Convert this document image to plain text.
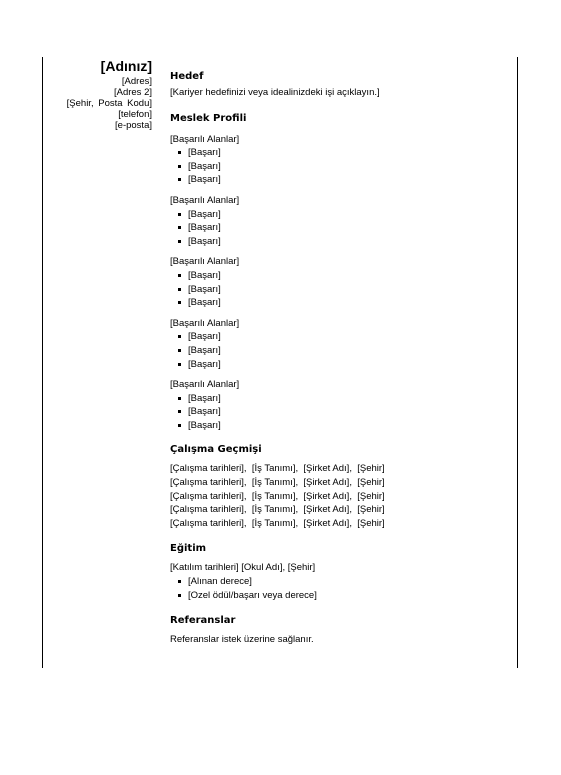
[Adınız]
[Adres]
[Adres 2]
[Şehir, Posta Kodu]
[telefon]
[e-posta]
Hedef

[Kariyer hedefinizi veya idealinizdeki işi açıklayın.]

Meslek Profili

[Başarılı Alanlar]

[Başarı]
[Başarı]
[Başarı]

[Başarılı Alanlar]

[Başarı]
[Başarı]
[Başarı]

[Başarılı Alanlar]

[Başarı]
[Başarı]
[Başarı]

[Başarılı Alanlar]

[Başarı]
[Başarı]
[Başarı]

[Başarılı Alanlar]

[Başarı]
[Başarı]
[Başarı]
Çalışma Geçmişi

[Çalışma tarihleri],  [İş Tanımı],  [Şirket Adı],  [Şehir]

[Çalışma tarihleri],  [İş Tanımı],  [Şirket Adı],  [Şehir]

[Çalışma tarihleri],  [İş Tanımı],  [Şirket Adı],  [Şehir]

[Çalışma tarihleri],  [İş Tanımı],  [Şirket Adı],  [Şehir]

[Çalışma tarihleri],  [İş Tanımı],  [Şirket Adı],  [Şehir]

Eğitim

[Katılım tarihleri] [Okul Adı], [Şehir]

[Alınan derece]
[Ozel ödül/başarı veya derece]
Referanslar

Referanslar istek üzerine sağlanır.
